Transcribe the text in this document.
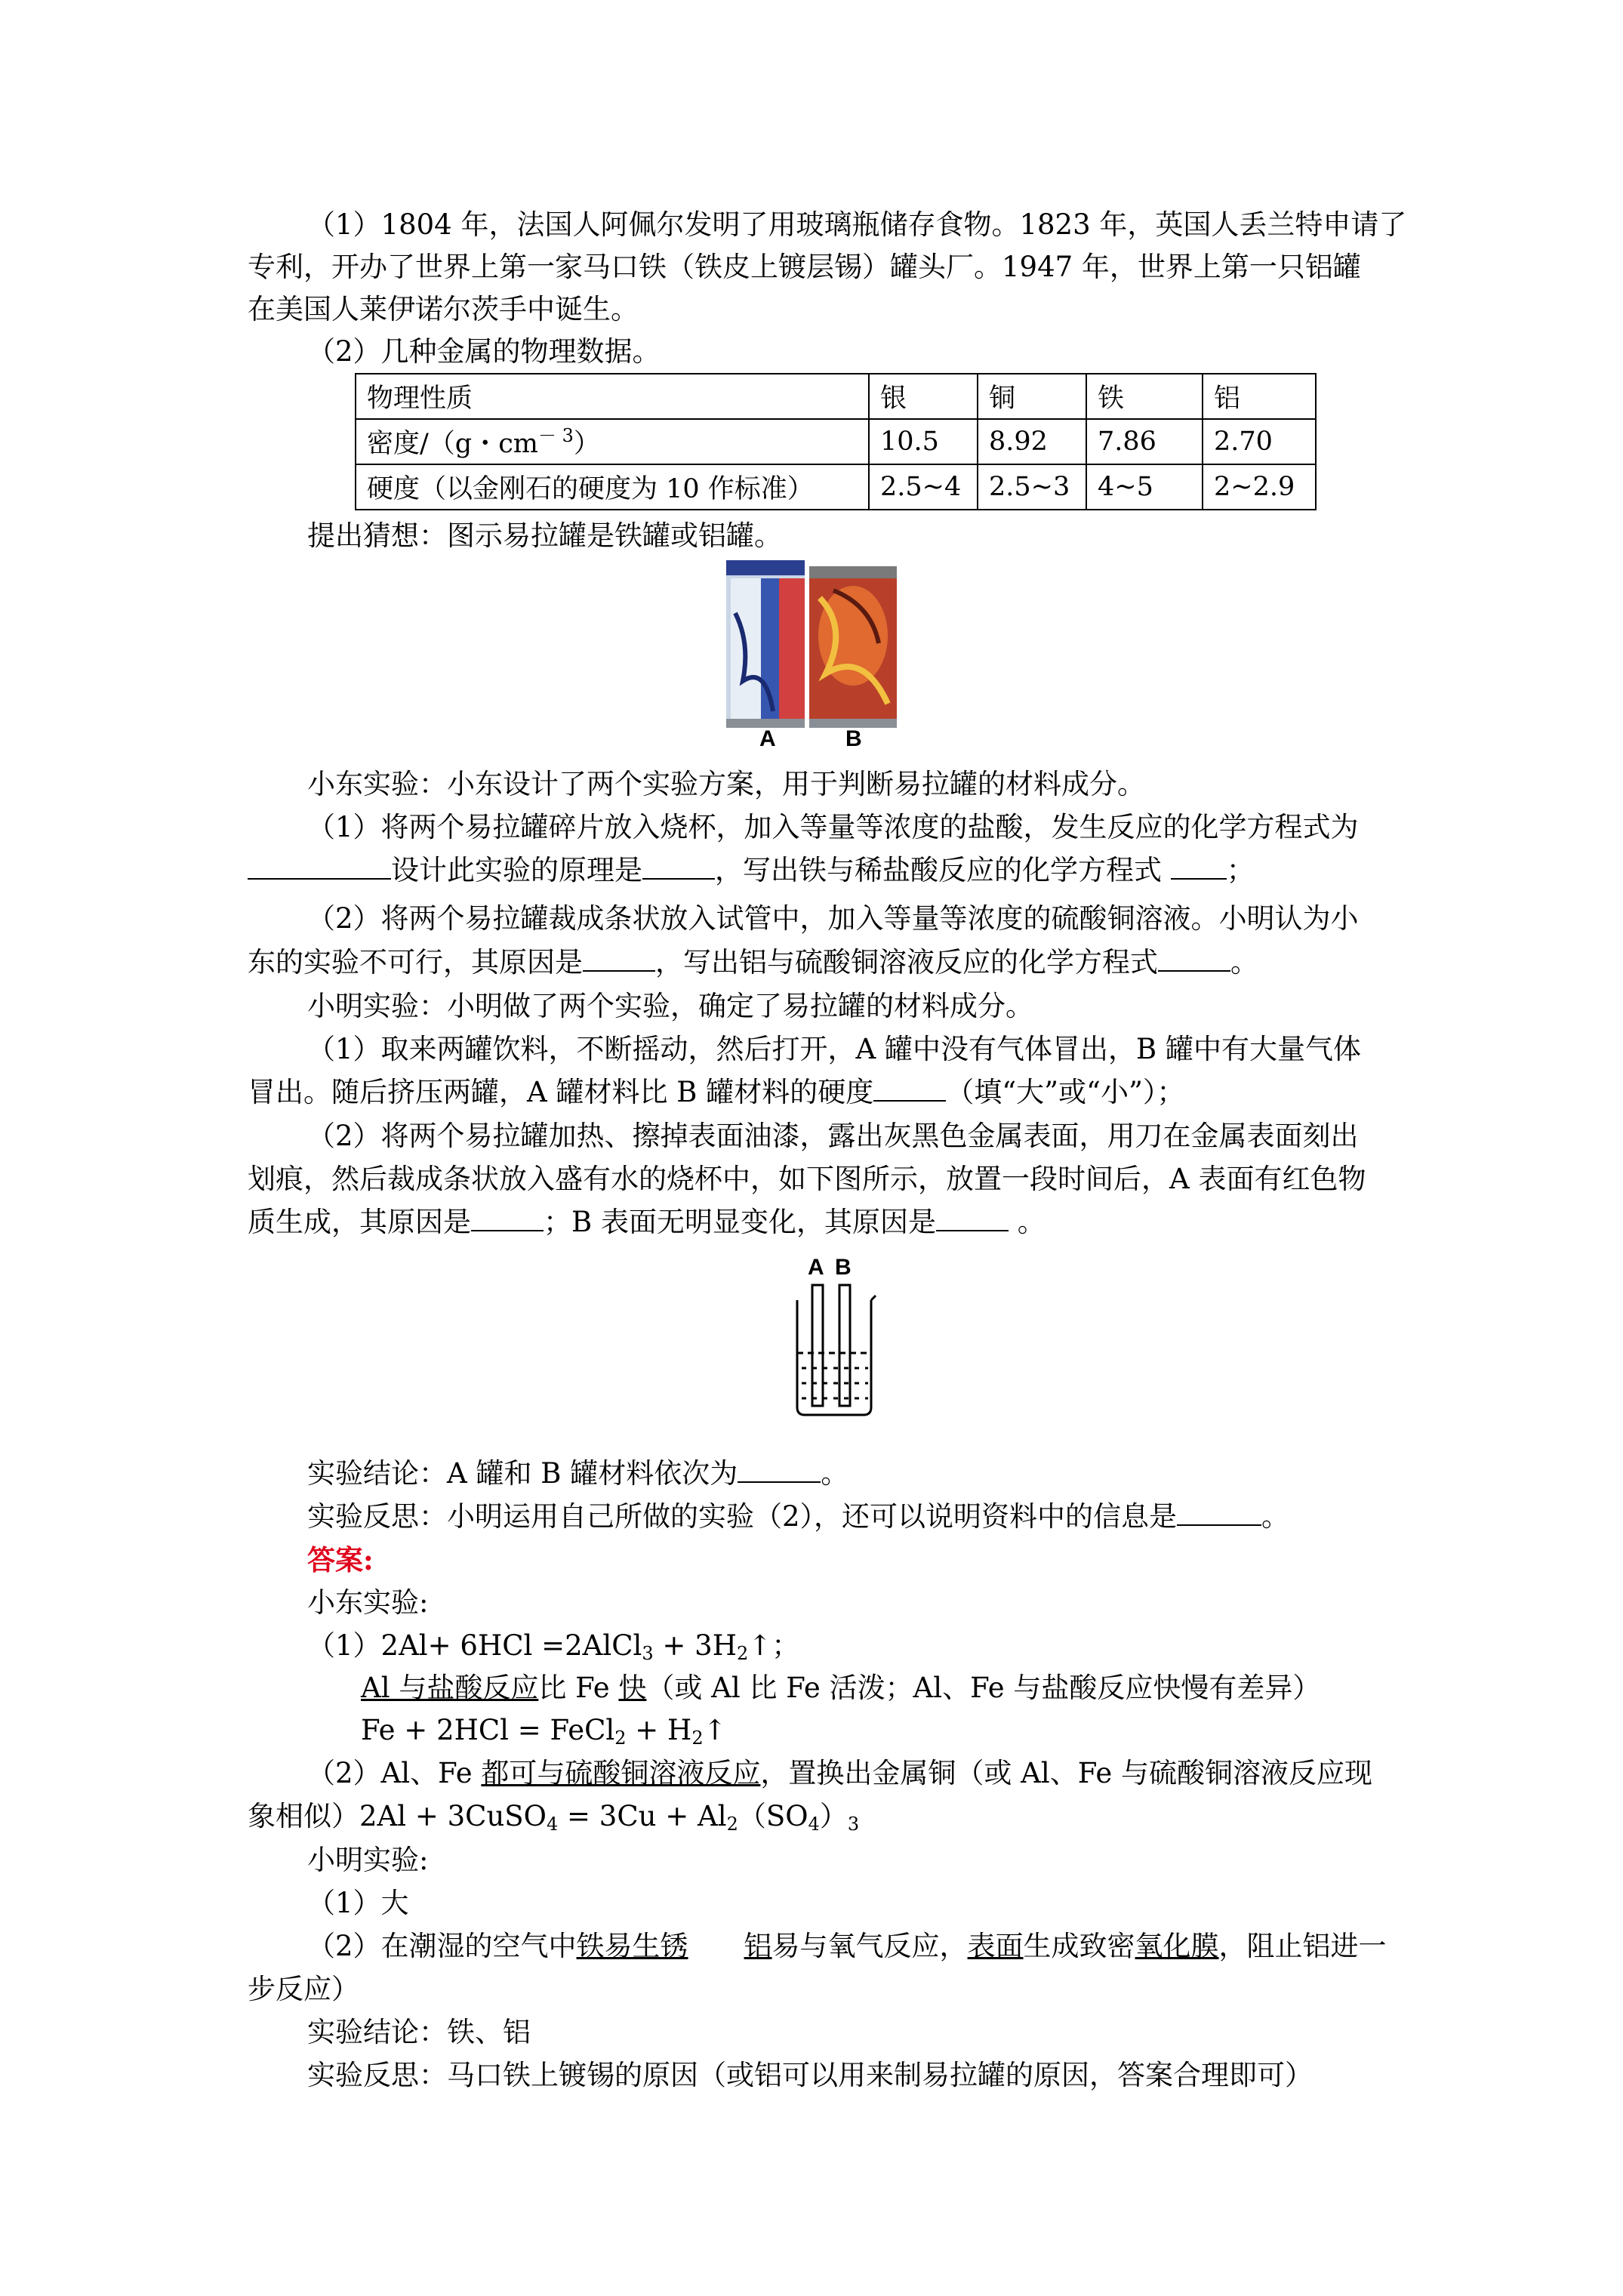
（1）1804 年，法国人阿佩尔发明了用玻璃瓶储存食物。1823 年，英国人丢兰特申请了
专利，开办了世界上第一家马口铁（铁皮上镀层锡）罐头厂。1947 年，世界上第一只铝罐
在美国人莱伊诺尔茨手中诞生。
（2）几种金属的物理数据。
物理性质	银	铜	铁	铝
密度/（g・$cm^{- 3}$）	10.5	8.92	7.86	2.70
硬度（以金刚石的硬度为 10 作标准）	2.5~4	2.5~3	4~5	2~2.9
提出猜想：图示易拉罐是铁罐或铝罐。
A	B
小东实验：小东设计了两个实验方案，用于判断易拉罐的材料成分。
（1）将两个易拉罐碎片放入烧杯，加入等量等浓度的盐酸，发生反应的化学方程式为
设计此实验的原理是	，写出铁与稀盐酸反应的化学方程式 ；
（2）将两个易拉罐裁成条状放入试管中，加入等量等浓度的硫酸铜溶液。小明认为小
东的实验不可行，其原因是	，写出铝与硫酸铜溶液反应的化学方程式	。
小明实验：小明做了两个实验，确定了易拉罐的材料成分。
（1）取来两罐饮料，不断摇动，然后打开，A 罐中没有气体冒出，B 罐中有大量气体
冒出。随后挤压两罐，A 罐材料比 B 罐材料的硬度	（填“大”或“小”）；
（2）将两个易拉罐加热、擦掉表面油漆，露出灰黑色金属表面，用刀在金属表面刻出
划痕，然后裁成条状放入盛有水的烧杯中，如下图所示，放置一段时间后，A 表面有红色物
质生成，其原因是	；B 表面无明显变化，其原因是	。
A B
实验结论：A 罐和 B 罐材料依次为	。
实验反思：小明运用自己所做的实验（2），还可以说明资料中的信息是	。
答案:
小东实验:
（1）2Al+ 6HCl =2AlCl$_3$ + $3H_2↑$；
Al 与盐酸反应比 Fe 快（或 Al 比 Fe 活泼；Al、Fe 与盐酸反应快慢有差异）
Fe + 2HCl = FeCl$_2$ + $H_2↑$
（2）Al、Fe 都可与硫酸铜溶液反应，置换出金属铜（或 Al、Fe 与硫酸铜溶液反应现
象相似）2Al + 3CuSO$_4$ = $3Cu + Al_2(SO_4)_3$
小明实验:
（1）大
（2）在潮湿的空气中铁易生锈　　 铝易与氧气反应，表面生成致密氧化膜，阻止铝进一
步反应）
实验结论：铁、铝
实验反思：马口铁上镀锡的原因（或铝可以用来制易拉罐的原因，答案合理即可）
